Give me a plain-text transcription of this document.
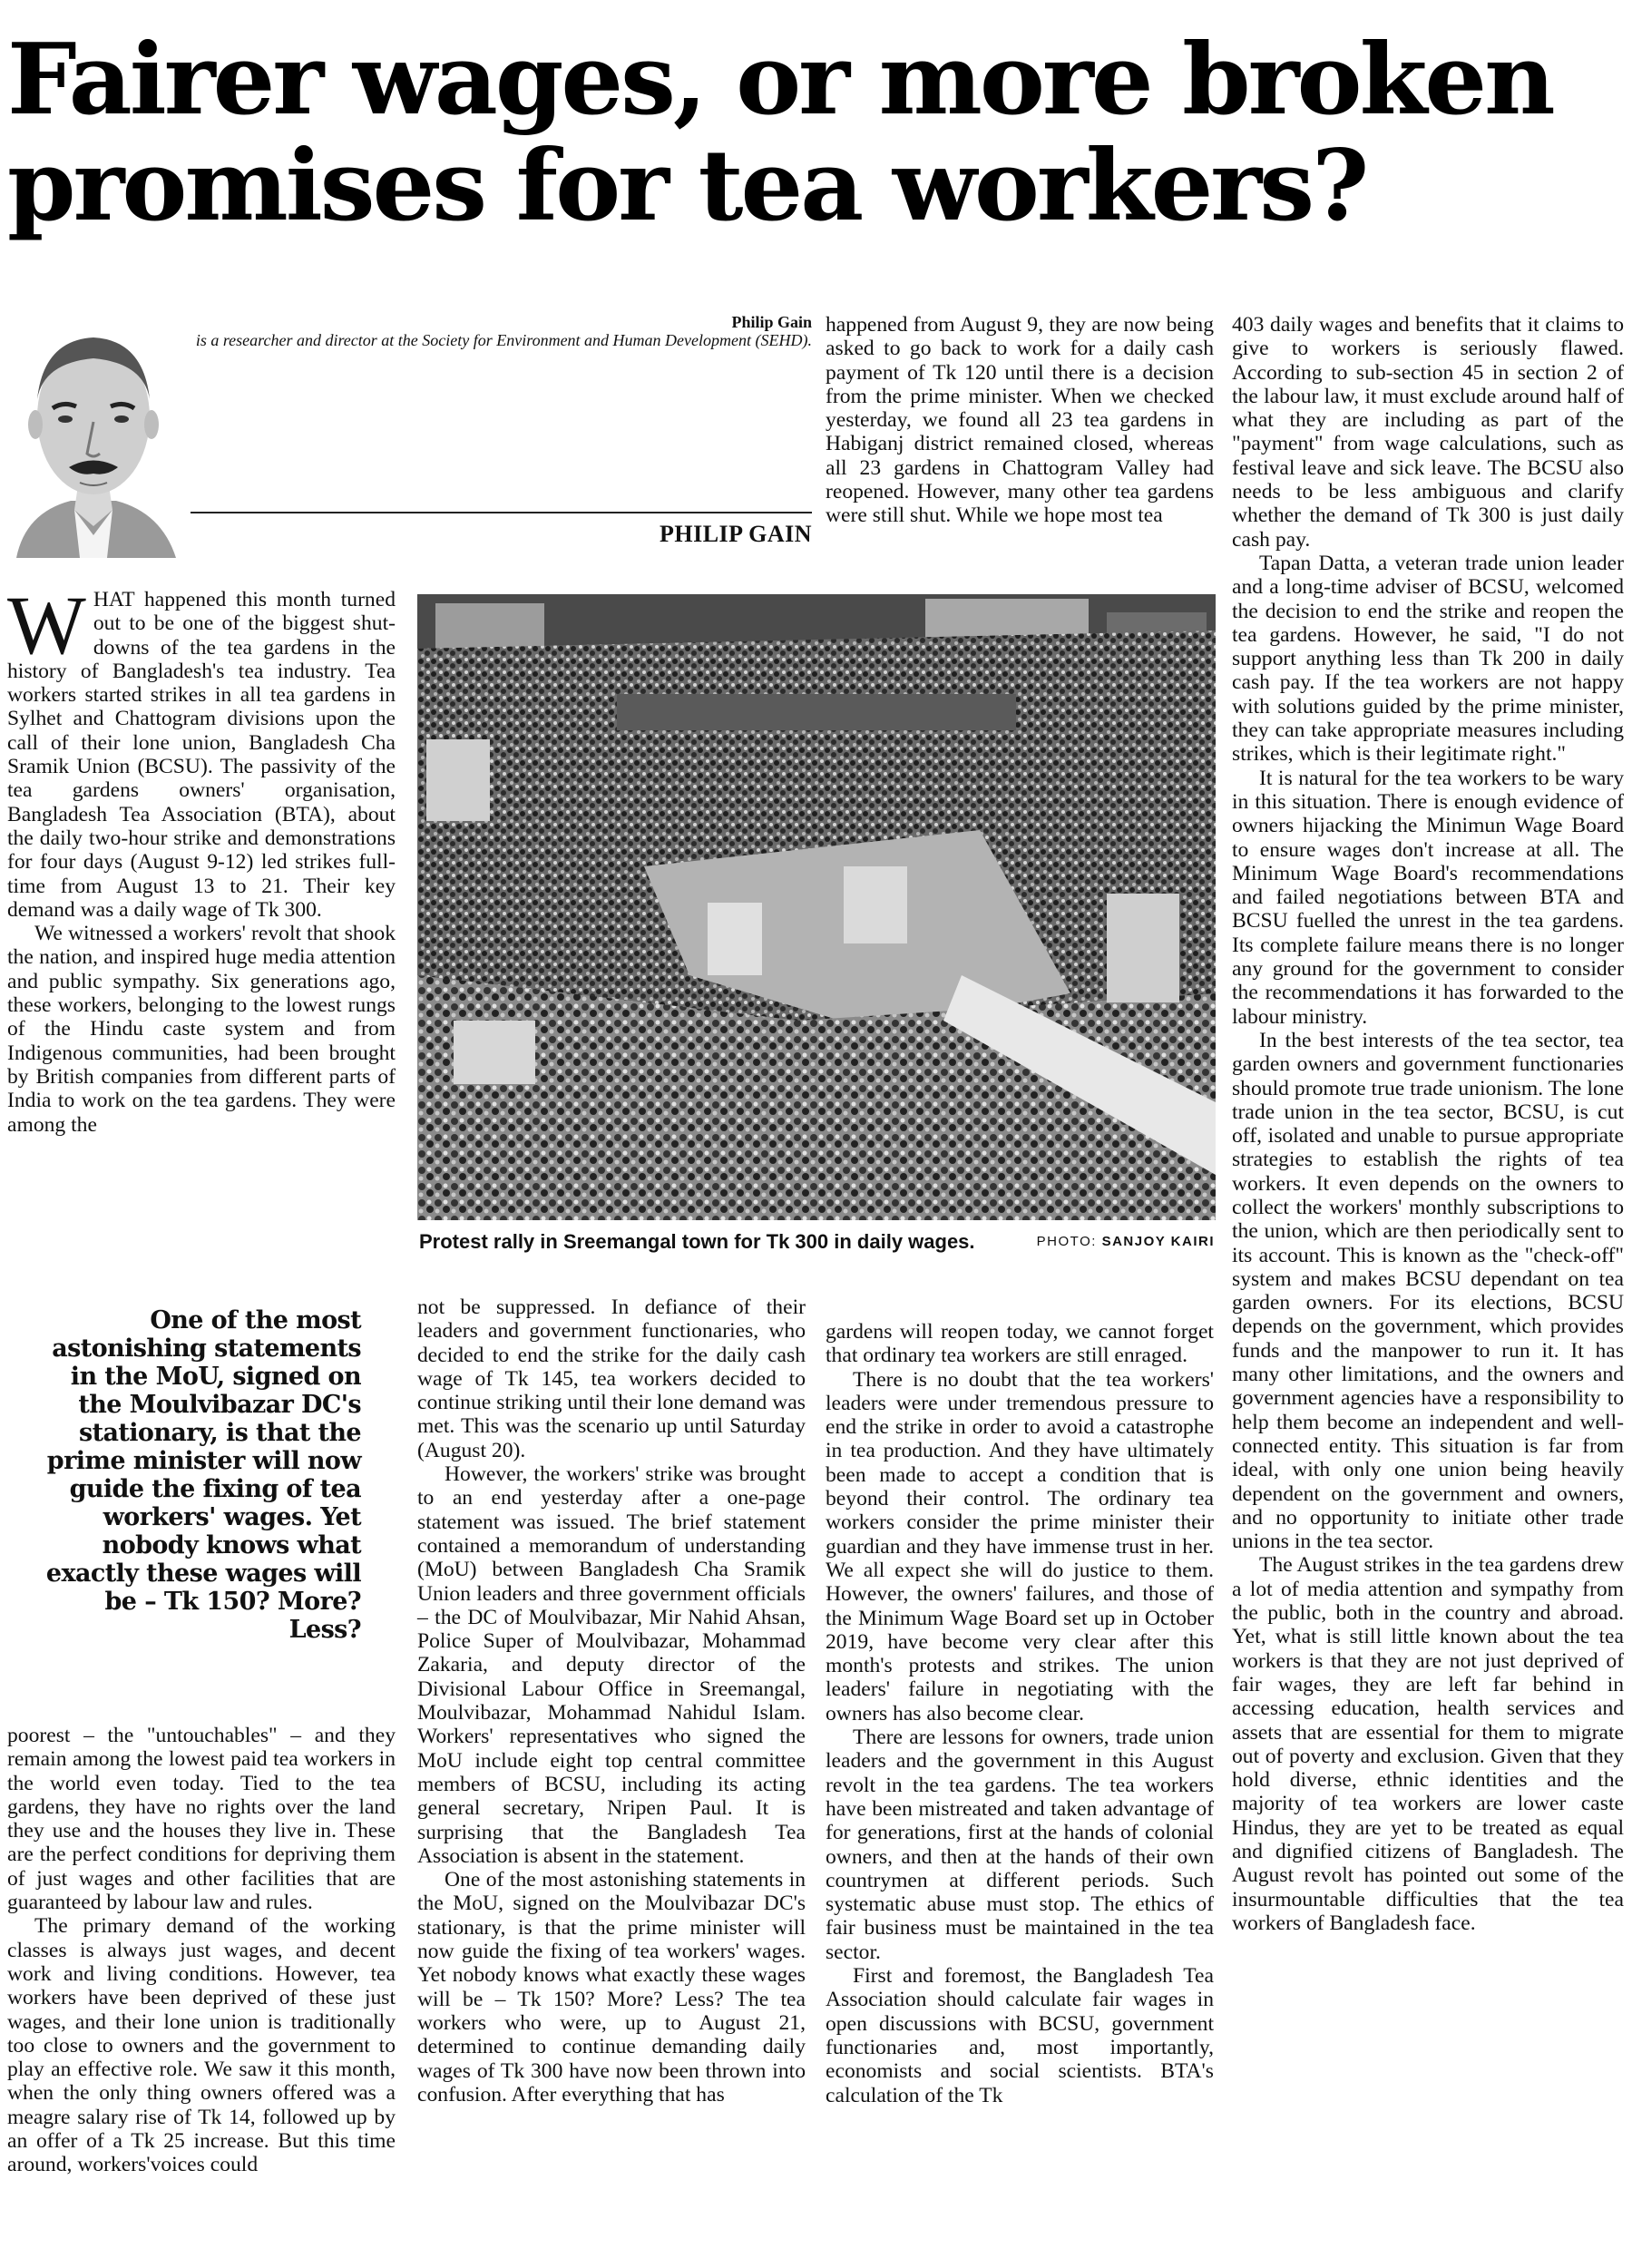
Fairer wages, or more broken promises for tea workers?
Philip Gain
is a researcher and director at the Society for Environment and Human Development (SEHD).
PHILIP GAIN

WHAT happened this month turned out to be one of the biggest shut-downs of the tea gardens in the history of Bangladesh's tea industry. Tea workers started strikes in all tea gardens in Sylhet and Chattogram divisions upon the call of their lone union, Bangladesh Cha Sramik Union (BCSU). The passivity of the tea gardens owners' organisation, Bangladesh Tea Association (BTA), about the daily two-hour strike and demonstrations for four days (August 9-12) led strikes full-time from August 13 to 21. Their key demand was a daily wage of Tk 300.

We witnessed a workers' revolt that shook the nation, and inspired huge media attention and public sympathy. Six generations ago, these workers, belonging to the lowest rungs of the Hindu caste system and from Indigenous communities, had been brought by British companies from different parts of India to work on the tea gardens. They were among the

Protest rally in Sreemangal town for Tk 300 in daily wages.	PHOTO: SANJOY KAIRI

happened from August 9, they are now being asked to go back to work for a daily cash payment of Tk 120 until there is a decision from the prime minister. When we checked yesterday, we found all 23 tea gardens in Habiganj district remained closed, whereas all 23 gardens in Chattogram Valley had reopened. However, many other tea gardens were still shut. While we hope most tea

403 daily wages and benefits that it claims to give to workers is seriously flawed. According to sub-section 45 in section 2 of the labour law, it must exclude around half of what they are including as part of the "payment" from wage calculations, such as festival leave and sick leave. The BCSU also needs to be less ambiguous and clarify whether the demand of Tk 300 is just daily cash pay.

Tapan Datta, a veteran trade union leader and a long-time adviser of BCSU, welcomed the decision to end the strike and reopen the tea gardens. However, he said, "I do not support anything less than Tk 200 in daily cash pay. If the tea workers are not happy with solutions guided by the prime minister, they can take appropriate measures including strikes, which is their legitimate right."

It is natural for the tea workers to be wary in this situation. There is enough evidence of owners hijacking the Minimun Wage Board to ensure wages don't increase at all. The Minimum Wage Board's recommendations and failed negotiations between BTA and BCSU fuelled the unrest in the tea gardens. Its complete failure means there is no longer any ground for the government to consider the recommendations it has forwarded to the labour ministry.

In the best interests of the tea sector, tea garden owners and government functionaries should promote true trade unionism. The lone trade union in the tea sector, BCSU, is cut off, isolated and unable to pursue appropriate strategies to establish the rights of tea workers. It even depends on the owners to collect the workers' monthly subscriptions to the union, which are then periodically sent to its account. This is known as the "check-off" system and makes BCSU dependant on tea garden owners. For its elections, BCSU depends on the government, which provides funds and the manpower to run it. It has many other limitations, and the owners and government agencies have a responsibility to help them become an independent and well-connected entity. This situation is far from ideal, with only one union being heavily dependent on the government and owners, and no opportunity to initiate other trade unions in the tea sector.

The August strikes in the tea gardens drew a lot of media attention and sympathy from the public, both in the country and abroad. Yet, what is still little known about the tea workers is that they are not just deprived of fair wages, they are left far behind in accessing education, health services and assets that are essential for them to migrate out of poverty and exclusion. Given that they hold diverse, ethnic identities and the majority of tea workers are lower caste Hindus, they are yet to be treated as equal and dignified citizens of Bangladesh. The August revolt has pointed out some of the insurmountable difficulties that the tea workers of Bangladesh face.

One of the most astonishing statements in the MoU, signed on the Moulvibazar DC's stationary, is that the prime minister will now guide the fixing of tea workers' wages. Yet nobody knows what exactly these wages will be – Tk 150? More? Less?

poorest – the "untouchables" – and they remain among the lowest paid tea workers in the world even today. Tied to the tea gardens, they have no rights over the land they use and the houses they live in. These are the perfect conditions for depriving them of just wages and other facilities that are guaranteed by labour law and rules.

The primary demand of the working classes is always just wages, and decent work and living conditions. However, tea workers have been deprived of these just wages, and their lone union is traditionally too close to owners and the government to play an effective role. We saw it this month, when the only thing owners offered was a meagre salary rise of Tk 14, followed up by an offer of a Tk 25 increase. But this time around, workers'voices could

not be suppressed. In defiance of their leaders and government functionaries, who decided to end the strike for the daily cash wage of Tk 145, tea workers decided to continue striking until their lone demand was met. This was the scenario up until Saturday (August 20).

However, the workers' strike was brought to an end yesterday after a one-page statement was issued. The brief statement contained a memorandum of understanding (MoU) between Bangladesh Cha Sramik Union leaders and three government officials – the DC of Moulvibazar, Mir Nahid Ahsan, Police Super of Moulvibazar, Mohammad Zakaria, and deputy director of the Divisional Labour Office in Sreemangal, Moulvibazar, Mohammad Nahidul Islam. Workers' representatives who signed the MoU include eight top central committee members of BCSU, including its acting general secretary, Nripen Paul. It is surprising that the Bangladesh Tea Association is absent in the statement.

One of the most astonishing statements in the MoU, signed on the Moulvibazar DC's stationary, is that the prime minister will now guide the fixing of tea workers' wages. Yet nobody knows what exactly these wages will be – Tk 150? More? Less? The tea workers who were, up to August 21, determined to continue demanding daily wages of Tk 300 have now been thrown into confusion. After everything that has

gardens will reopen today, we cannot forget that ordinary tea workers are still enraged.

There is no doubt that the tea workers' leaders were under tremendous pressure to end the strike in order to avoid a catastrophe in tea production. And they have ultimately been made to accept a condition that is beyond their control. The ordinary tea workers consider the prime minister their guardian and they have immense trust in her. We all expect she will do justice to them. However, the owners' failures, and those of the Minimum Wage Board set up in October 2019, have become very clear after this month's protests and strikes. The union leaders' failure in negotiating with the owners has also become clear.

There are lessons for owners, trade union leaders and the government in this August revolt in the tea gardens. The tea workers have been mistreated and taken advantage of for generations, first at the hands of colonial owners, and then at the hands of their own countrymen at different periods. Such systematic abuse must stop. The ethics of fair business must be maintained in the tea sector.

First and foremost, the Bangladesh Tea Association should calculate fair wages in open discussions with BCSU, government functionaries and, most importantly, economists and social scientists. BTA's calculation of the Tk
